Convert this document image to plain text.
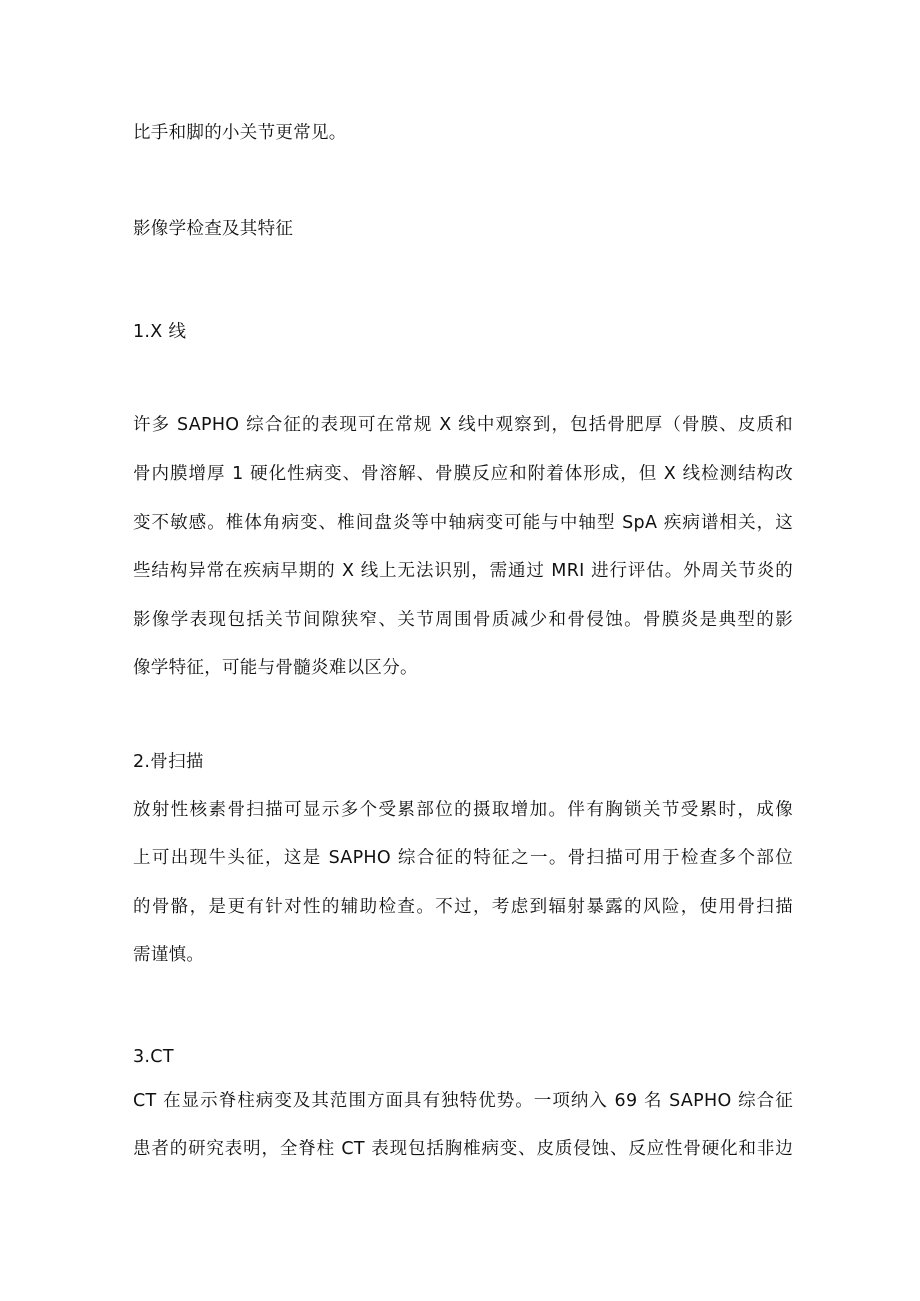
比手和脚的小关节更常见。
影像学检查及其特征
1.X 线
许多 SAPHO 综合征的表现可在常规 X 线中观察到，包括骨肥厚（骨膜、皮质和
骨内膜增厚 1 硬化性病变、骨溶解、骨膜反应和附着体形成，但 X 线检测结构改
变不敏感。椎体角病变、椎间盘炎等中轴病变可能与中轴型 SpA 疾病谱相关，这
些结构异常在疾病早期的 X 线上无法识别，需通过 MRI 进行评估。外周关节炎的
影像学表现包括关节间隙狭窄、关节周围骨质减少和骨侵蚀。骨膜炎是典型的影
像学特征，可能与骨髓炎难以区分。
2.骨扫描
放射性核素骨扫描可显示多个受累部位的摄取增加。伴有胸锁关节受累时，成像
上可出现牛头征，这是 SAPHO 综合征的特征之一。骨扫描可用于检查多个部位
的骨骼，是更有针对性的辅助检查。不过，考虑到辐射暴露的风险，使用骨扫描
需谨慎。
3.CT
CT 在显示脊柱病变及其范围方面具有独特优势。一项纳入 69 名 SAPHO 综合征
患者的研究表明，全脊柱 CT 表现包括胸椎病变、皮质侵蚀、反应性骨硬化和非边
